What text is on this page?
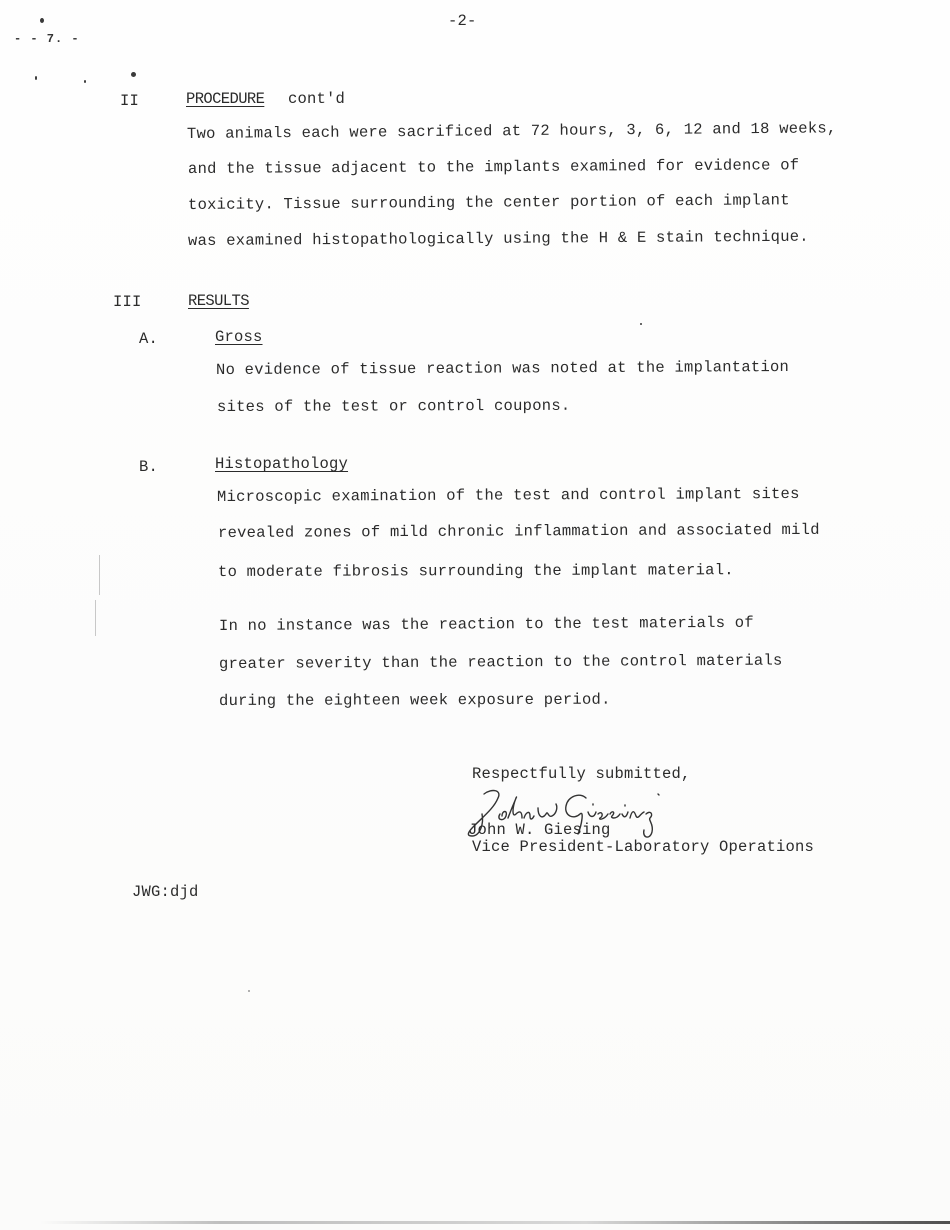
- - 7. -
-2-
II	PROCEDURE cont'd
Two animals each were sacrificed at 72 hours, 3, 6, 12 and 18 weeks,
and the tissue adjacent to the implants examined for evidence of
toxicity. Tissue surrounding the center portion of each implant
was examined histopathologically using the H & E stain technique.
III	RESULTS
A.	Gross
No evidence of tissue reaction was noted at the implantation
sites of the test or control coupons.
B.	Histopathology
Microscopic examination of the test and control implant sites
revealed zones of mild chronic inflammation and associated mild
to moderate fibrosis surrounding the implant material.
In no instance was the reaction to the test materials of
greater severity than the reaction to the control materials
during the eighteen week exposure period.
Respectfully submitted,
John W. Giesing
Vice President-Laboratory Operations
JWG:djd
